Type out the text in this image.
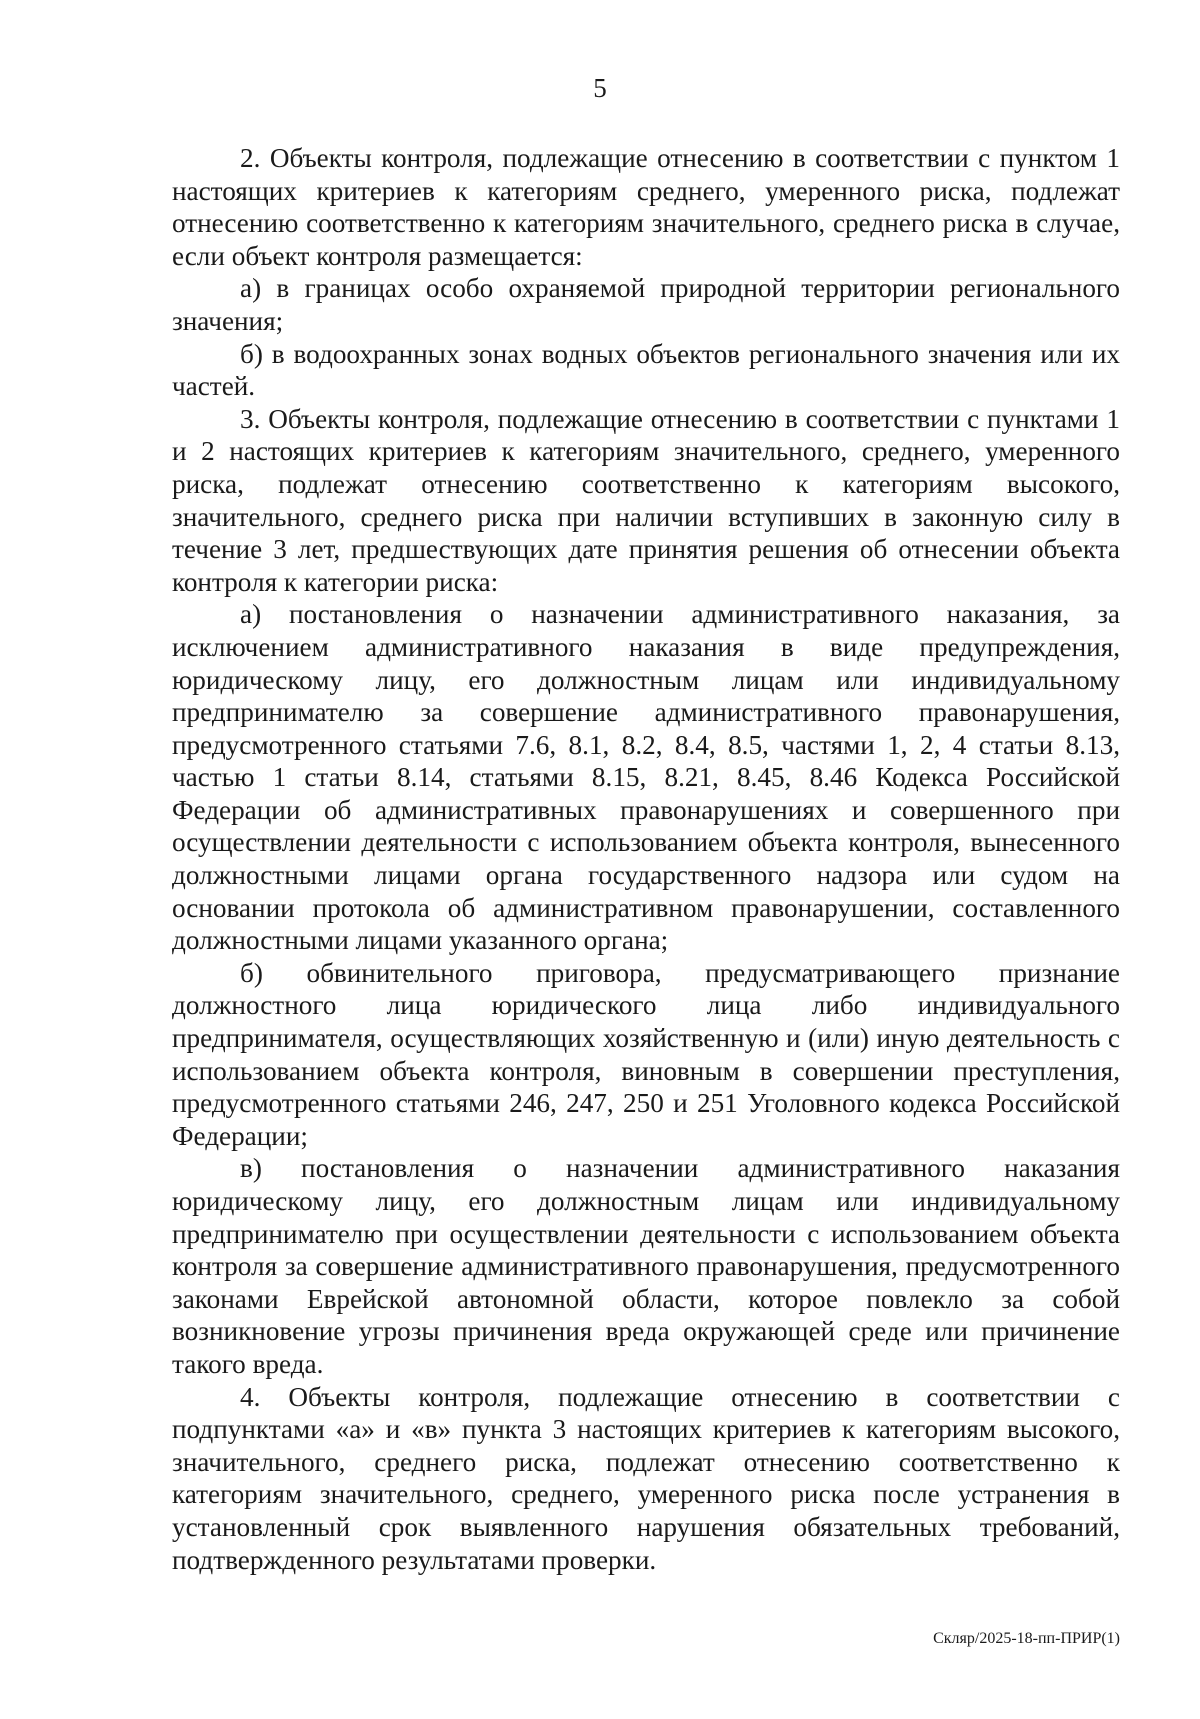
5

2. Объекты контроля, подлежащие отнесению в соответствии с пунктом 1 настоящих критериев к категориям среднего, умеренного риска, подлежат отнесению соответственно к категориям значительного, среднего риска в случае, если объект контроля размещается:

а) в границах особо охраняемой природной территории регионального значения;

б) в водоохранных зонах водных объектов регионального значения или их частей.

3. Объекты контроля, подлежащие отнесению в соответствии с пунктами 1 и 2 настоящих критериев к категориям значительного, среднего, умеренного риска, подлежат отнесению соответственно к категориям высокого, значительного, среднего риска при наличии вступивших в законную силу в течение 3 лет, предшествующих дате принятия решения об отнесении объекта контроля к категории риска:

а) постановления о назначении административного наказания, за исключением административного наказания в виде предупреждения, юридическому лицу, его должностным лицам или индивидуальному предпринимателю за совершение административного правонарушения, предусмотренного статьями 7.6, 8.1, 8.2, 8.4, 8.5, частями 1, 2, 4 статьи 8.13, частью 1 статьи 8.14, статьями 8.15, 8.21, 8.45, 8.46 Кодекса Российской Федерации об административных правонарушениях и совершенного при осуществлении деятельности с использованием объекта контроля, вынесенного должностными лицами органа государственного надзора или судом на основании протокола об административном правонарушении, составленного должностными лицами указанного органа;

б) обвинительного приговора, предусматривающего признание должностного лица юридического лица либо индивидуального предпринимателя, осуществляющих хозяйственную и (или) иную деятельность с использованием объекта контроля, виновным в совершении преступления, предусмотренного статьями 246, 247, 250 и 251 Уголовного кодекса Российской Федерации;

в) постановления о назначении административного наказания юридическому лицу, его должностным лицам или индивидуальному предпринимателю при осуществлении деятельности с использованием объекта контроля за совершение административного правонарушения, предусмотренного законами Еврейской автономной области, которое повлекло за собой возникновение угрозы причинения вреда окружающей среде или причинение такого вреда.

4. Объекты контроля, подлежащие отнесению в соответствии с подпунктами «а» и «в» пункта 3 настоящих критериев к категориям высокого, значительного, среднего риска, подлежат отнесению соответственно к категориям значительного, среднего, умеренного риска после устранения в установленный срок выявленного нарушения обязательных требований, подтвержденного результатами проверки.

Скляр/2025-18-пп-ПРИР(1)
